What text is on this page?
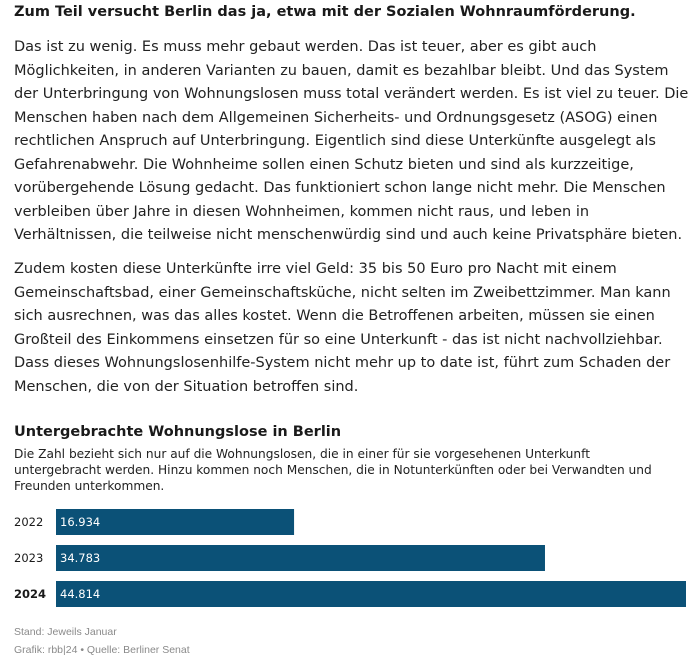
Zum Teil versucht Berlin das ja, etwa mit der Sozialen Wohnraumförderung.

Das ist zu wenig. Es muss mehr gebaut werden. Das ist teuer, aber es gibt auch Möglichkeiten, in anderen Varianten zu bauen, damit es bezahlbar bleibt. Und das System der Unterbringung von Wohnungslosen muss total verändert werden. Es ist viel zu teuer. Die Menschen haben nach dem Allgemeinen Sicherheits- und Ordnungsgesetz (ASOG) einen rechtlichen Anspruch auf Unterbringung. Eigentlich sind diese Unterkünfte ausgelegt als Gefahrenabwehr. Die Wohnheime sollen einen Schutz bieten und sind als kurzzeitige, vorübergehende Lösung gedacht. Das funktioniert schon lange nicht mehr. Die Menschen verbleiben über Jahre in diesen Wohnheimen, kommen nicht raus, und leben in Verhältnissen, die teilweise nicht menschenwürdig sind und auch keine Privatsphäre bieten.

Zudem kosten diese Unterkünfte irre viel Geld: 35 bis 50 Euro pro Nacht mit einem Gemeinschaftsbad, einer Gemeinschaftsküche, nicht selten im Zweibettzimmer. Man kann sich ausrechnen, was das alles kostet. Wenn die Betroffenen arbeiten, müssen sie einen Großteil des Einkommens einsetzen für so eine Unterkunft - das ist nicht nachvollziehbar. Dass dieses Wohnungslosenhilfe-System nicht mehr up to date ist, führt zum Schaden der Menschen, die von der Situation betroffen sind.

Untergebrachte Wohnungslose in Berlin

Die Zahl bezieht sich nur auf die Wohnungslosen, die in einer für sie vorgesehenen Unterkunft untergebracht werden. Hinzu kommen noch Menschen, die in Notunterkünften oder bei Verwandten und Freunden unterkommen.

2022 16.934
2023 34.783
2024 44.814

Stand: Jeweils Januar

Grafik: rbb|24 • Quelle: Berliner Senat
